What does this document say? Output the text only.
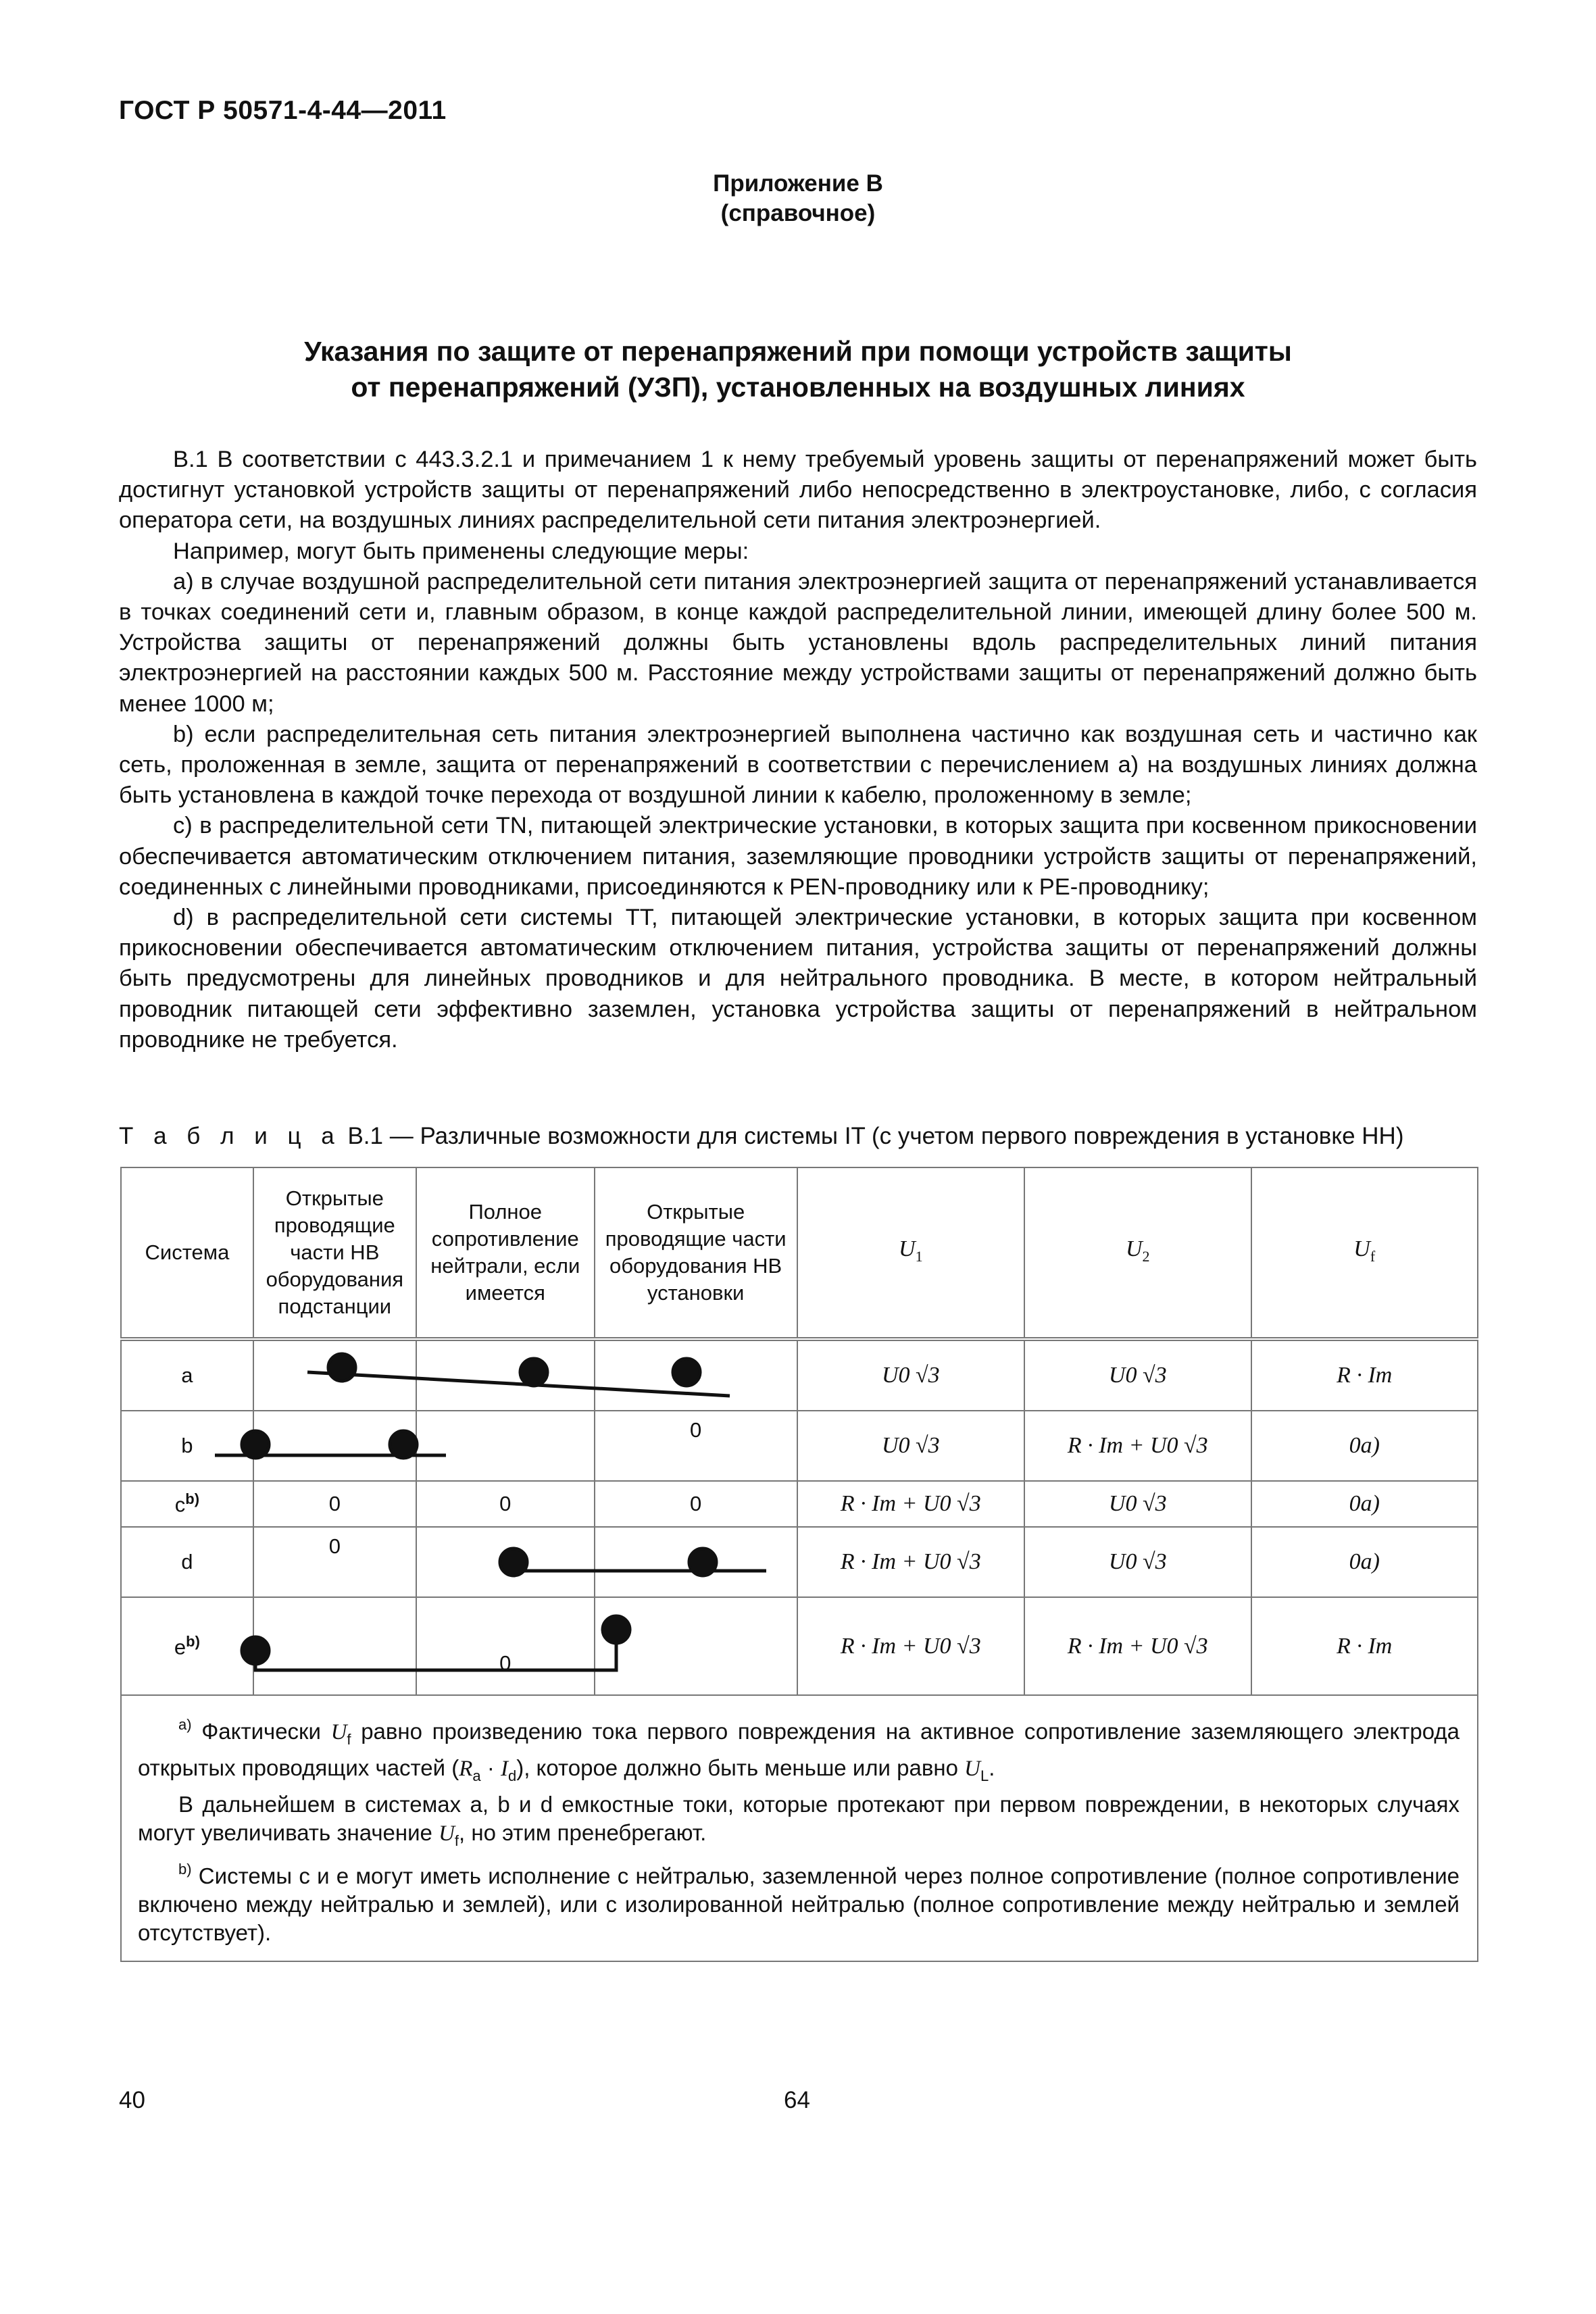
ГОСТ Р 50571-4-44—2011
Приложение В
(справочное)
Указания по защите от перенапряжений при помощи устройств защиты
от перенапряжений (УЗП), установленных на воздушных линиях

В.1 В соответствии с 443.3.2.1 и примечанием 1 к нему требуемый уровень защиты от перенапряжений может быть достигнут установкой устройств защиты от перенапряжений либо непосредственно в электроустановке, либо, с согласия оператора сети, на воздушных линиях распределительной сети питания электроэнергией.

Например, могут быть применены следующие меры:

a) в случае воздушной распределительной сети питания электроэнергией защита от перенапряжений устанавливается в точках соединений сети и, главным образом, в конце каждой распределительной линии, имеющей длину более 500 м. Устройства защиты от перенапряжений должны быть установлены вдоль распределительных линий питания электроэнергией на расстоянии каждых 500 м. Расстояние между устройствами защиты от перенапряжений должно быть менее 1000 м;

b) если распределительная сеть питания электроэнергией выполнена частично как воздушная сеть и частично как сеть, проложенная в земле, защита от перенапряжений в соответствии с перечислением а) на воздушных линиях должна быть установлена в каждой точке перехода от воздушной линии к кабелю, проложенному в земле;

c) в распределительной сети TN, питающей электрические установки, в которых защита при косвенном прикосновении обеспечивается автоматическим отключением питания, заземляющие проводники устройств защиты от перенапряжений, соединенных с линейными проводниками, присоединяются к PEN-проводнику или к PE-проводнику;

d) в распределительной сети системы TT, питающей электрические установки, в которых защита при косвенном прикосновении обеспечивается автоматическим отключением питания, устройства защиты от перенапряжений должны быть предусмотрены для линейных проводников и для нейтрального проводника. В месте, в котором нейтральный проводник питающей сети эффективно заземлен, установка устройства защиты от перенапряжений в нейтральном проводнике не требуется.

Т а б л и ц а В.1 — Различные возможности для системы IT (с учетом первого повреждения в установке НН)
Система	Открытые проводящие части НВ оборудования подстанции	Полное сопротивление нейтрали, если имеется	Открытые проводящие части оборудования НВ установки	$U_1$	$U_2$	$U_f$
a				U0 √3	U0 √3	R · Im
b			0	U0 √3	R · Im + U0 √3	0a)
$c^{b)}$	0	0	0	R · Im + U0 √3	U0 √3	0a)
d	0			R · Im + U0 √3	U0 √3	0a)
$e^{b)}$		0		R · Im + U0 √3	R · Im + U0 √3	R · Im

$^{a)}$ Фактически $U_f$ равно произведению тока первого повреждения на активное сопротивление заземляющего электрода открытых проводящих частей $(R_a \cdot I_d)$, которое должно быть меньше или равно $U_L$.

В дальнейшем в системах a, b и d емкостные токи, которые протекают при первом повреждении, в некоторых случаях могут увеличивать значение $U_f$, но этим пренебрегают.

$^{b)}$ Системы c и e могут иметь исполнение с нейтралью, заземленной через полное сопротивление (полное сопротивление включено между нейтралью и землей), или с изолированной нейтралью (полное сопротивление между нейтралью и землей отсутствует).						

40	64
